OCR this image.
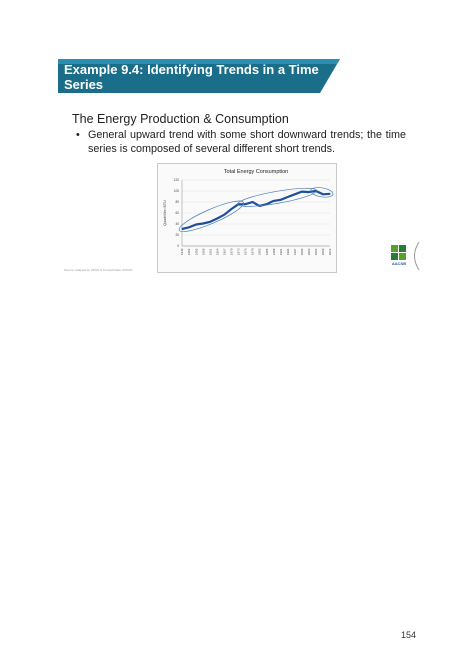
Example 9.4: Identifying Trends in a Time Series
The Energy Production & Consumption
• General upward trend with some short downward trends; the time series is composed of several different short trends.
Total Energy Consumption
0
20
40
60
80
100
120
Quadrillion BTU
1949 1952 1955 1958 1961 1964 1967 1970 1973 1976 1979 1982 1985 1988 1991 1994 1997 2000 2003 2006 2009 2012
Source: Adapted by SPSS & Triumph Data, ANOVA
AACSB
154
